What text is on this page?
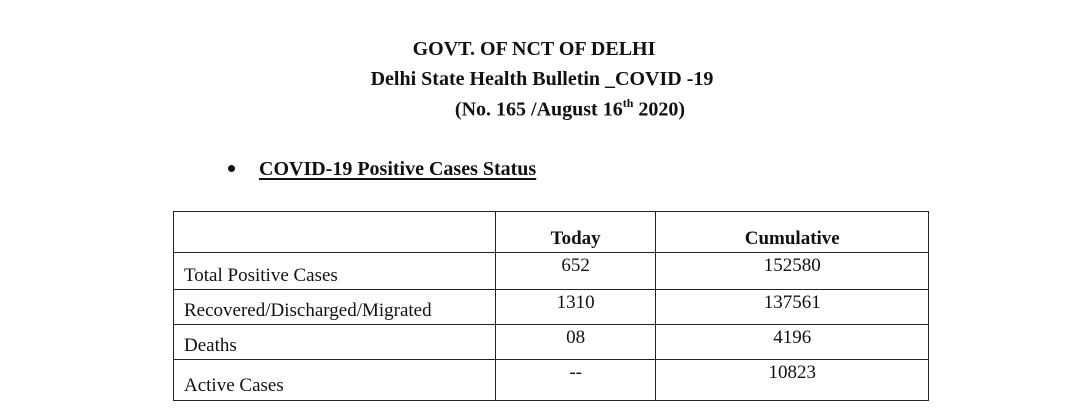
GOVT. OF NCT OF DELHI
Delhi State Health Bulletin _COVID -19
(No. 165 /August 16th 2020)
COVID-19 Positive Cases Status
	Today	Cumulative
Total Positive Cases	652	152580
Recovered/Discharged/Migrated	1310	137561
Deaths	08	4196
Active Cases	--	10823
